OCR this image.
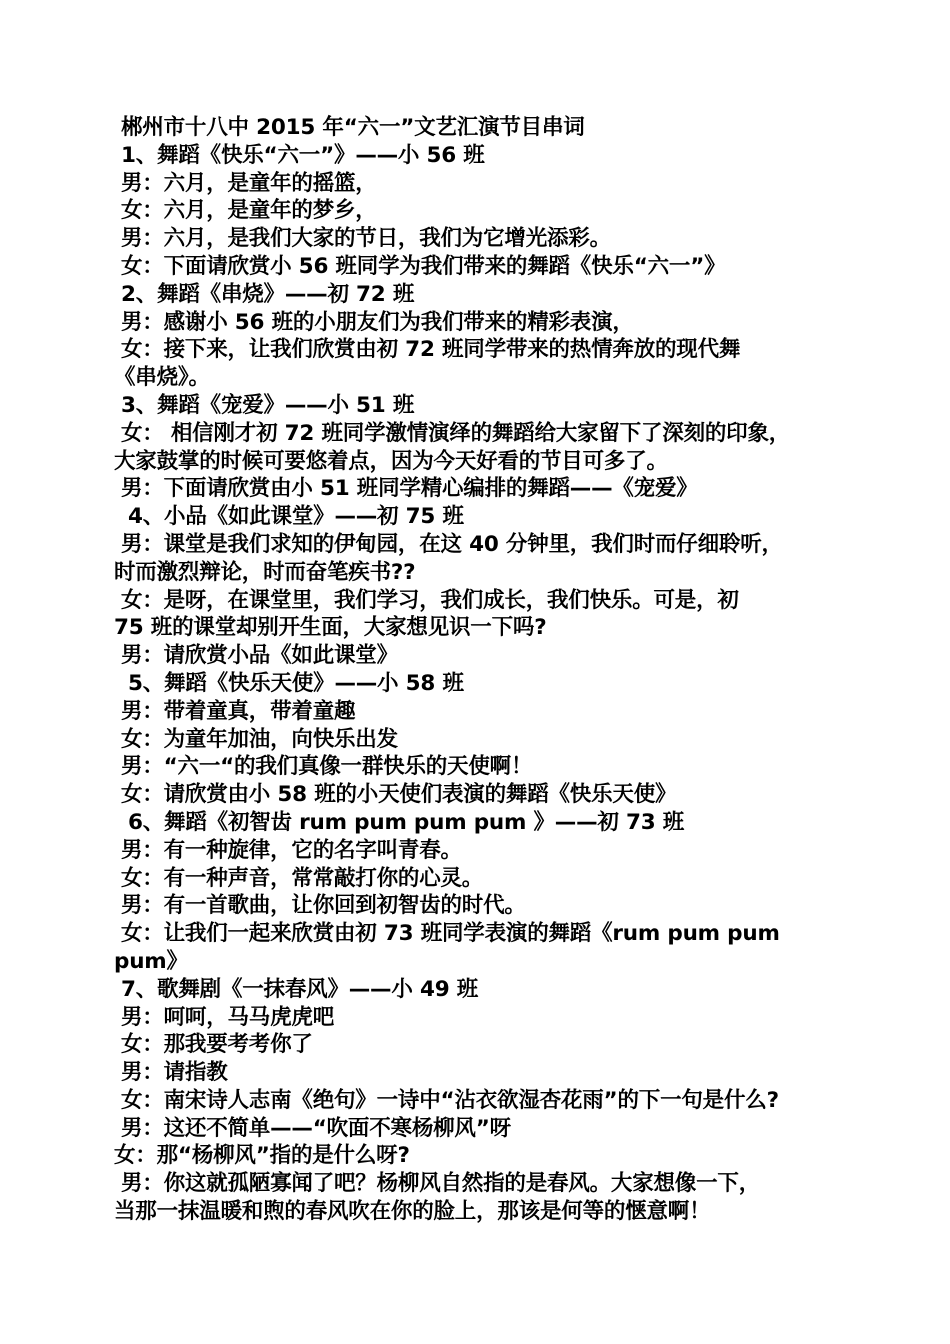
郴州市十八中 2015 年“六一”文艺汇演节目串词
1、舞蹈《快乐“六一”》——小 56 班
男：六月，是童年的摇篮，
女：六月，是童年的梦乡，
男：六月，是我们大家的节日，我们为它增光添彩。
女：下面请欣赏小 56 班同学为我们带来的舞蹈《快乐“六一”》
2、舞蹈《串烧》——初 72 班
男：感谢小 56 班的小朋友们为我们带来的精彩表演，
女：接下来，让我们欣赏由初 72 班同学带来的热情奔放的现代舞
《串烧》。
3、舞蹈《宠爱》——小 51 班
女： 相信刚才初 72 班同学激情演绎的舞蹈给大家留下了深刻的印象，
大家鼓掌的时候可要悠着点，因为今天好看的节目可多了。
男：下面请欣赏由小 51 班同学精心编排的舞蹈——《宠爱》
4、小品《如此课堂》——初 75 班
男：课堂是我们求知的伊甸园，在这 40 分钟里，我们时而仔细聆听，
时而激烈辩论，时而奋笔疾书??
女：是呀，在课堂里，我们学习，我们成长，我们快乐。可是，初
75 班的课堂却别开生面，大家想见识一下吗?
男：请欣赏小品《如此课堂》
5、舞蹈《快乐天使》——小 58 班
男：带着童真，带着童趣
女：为童年加油，向快乐出发
男：“六一“的我们真像一群快乐的天使啊！
女：请欣赏由小 58 班的小天使们表演的舞蹈《快乐天使》
6、舞蹈《初智齿 rum pum pum pum 》——初 73 班
男：有一种旋律，它的名字叫青春。
女：有一种声音，常常敲打你的心灵。
男：有一首歌曲，让你回到初智齿的时代。
女：让我们一起来欣赏由初 73 班同学表演的舞蹈《rum pum pum
pum》
7、歌舞剧《一抹春风》——小 49 班
男：呵呵，马马虎虎吧
女：那我要考考你了
男：请指教
女：南宋诗人志南《绝句》一诗中“沾衣欲湿杏花雨”的下一句是什么?
男：这还不简单——“吹面不寒杨柳风”呀
女：那“杨柳风”指的是什么呀?
男：你这就孤陋寡闻了吧？杨柳风自然指的是春风。大家想像一下，
当那一抹温暖和煦的春风吹在你的脸上，那该是何等的惬意啊！
